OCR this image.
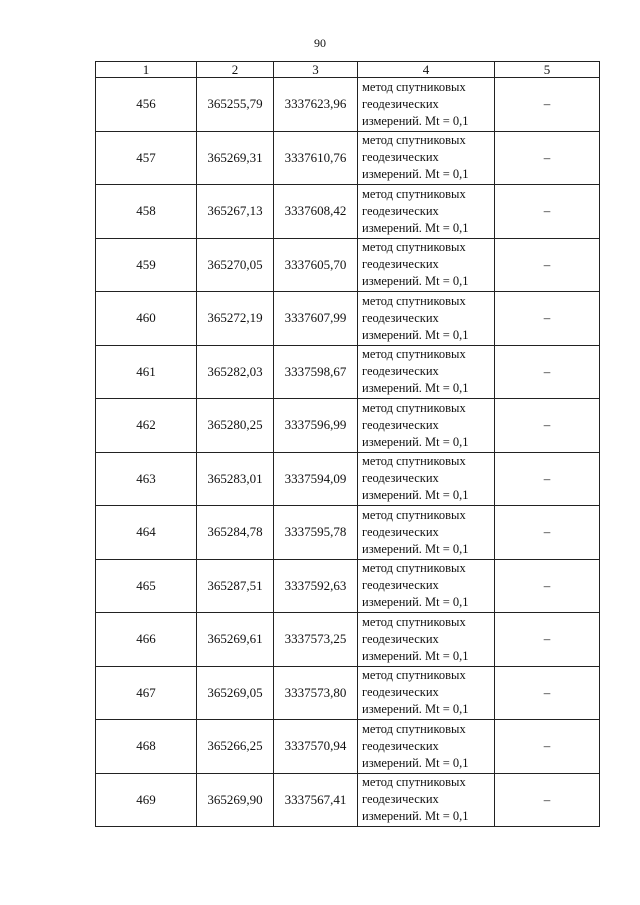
90
1	2	3	4	5
456	365255,79	3337623,96	метод спутниковых
геодезических
измерений. Mt = 0,1	–
457	365269,31	3337610,76	метод спутниковых
геодезических
измерений. Mt = 0,1	–
458	365267,13	3337608,42	метод спутниковых
геодезических
измерений. Mt = 0,1	–
459	365270,05	3337605,70	метод спутниковых
геодезических
измерений. Mt = 0,1	–
460	365272,19	3337607,99	метод спутниковых
геодезических
измерений. Mt = 0,1	–
461	365282,03	3337598,67	метод спутниковых
геодезических
измерений. Mt = 0,1	–
462	365280,25	3337596,99	метод спутниковых
геодезических
измерений. Mt = 0,1	–
463	365283,01	3337594,09	метод спутниковых
геодезических
измерений. Mt = 0,1	–
464	365284,78	3337595,78	метод спутниковых
геодезических
измерений. Mt = 0,1	–
465	365287,51	3337592,63	метод спутниковых
геодезических
измерений. Mt = 0,1	–
466	365269,61	3337573,25	метод спутниковых
геодезических
измерений. Mt = 0,1	–
467	365269,05	3337573,80	метод спутниковых
геодезических
измерений. Mt = 0,1	–
468	365266,25	3337570,94	метод спутниковых
геодезических
измерений. Mt = 0,1	–
469	365269,90	3337567,41	метод спутниковых
геодезических
измерений. Mt = 0,1	–
